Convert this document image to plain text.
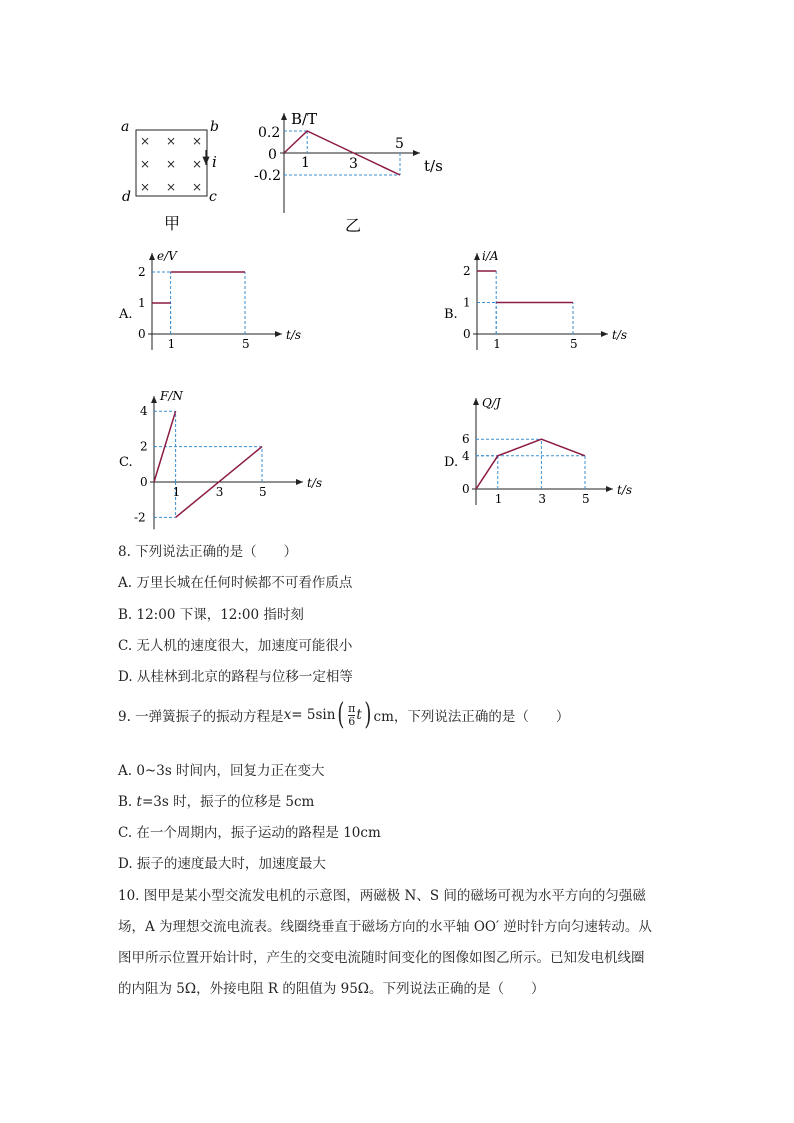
× × ×
× × ×
× × ×
a	b
c
d
i
甲
B/T
t/s
0.2
0
-0.2
1	3
5
乙
A.
e/V
t/s
2
1
0
1	5
B.
i/A
t/s
2
1
0
1	5
C.
F/N
t/s
4
2
0
-2
1	3	5
D.
Q/J
t/s
6
4
0
1	3	5
8. 下列说法正确的是（　　）
A. 万里长城在任何时候都不可看作质点
B. 12:00 下课，12:00 指时刻
C. 无人机的速度很大，加速度可能很小
D. 从桂林到北京的路程与位移一定相等
9. 一弹簧振子的振动方程是 x = 5sin ( $\frac{\pi}{6}$ t ) cm，下列说法正确的是（　　）
A. 0~3s 时间内，回复力正在变大
B. t=3s 时，振子的位移是 5cm
C. 在一个周期内，振子运动的路程是 10cm
D. 振子的速度最大时，加速度最大
10. 图甲是某小型交流发电机的示意图，两磁极 N、S 间的磁场可视为水平方向的匀强磁
场，A 为理想交流电流表。线圈绕垂直于磁场方向的水平轴 OO′ 逆时针方向匀速转动。从
图甲所示位置开始计时，产生的交变电流随时间变化的图像如图乙所示。已知发电机线圈
的内阻为 5Ω，外接电阻 R 的阻值为 95Ω。下列说法正确的是（　　）
